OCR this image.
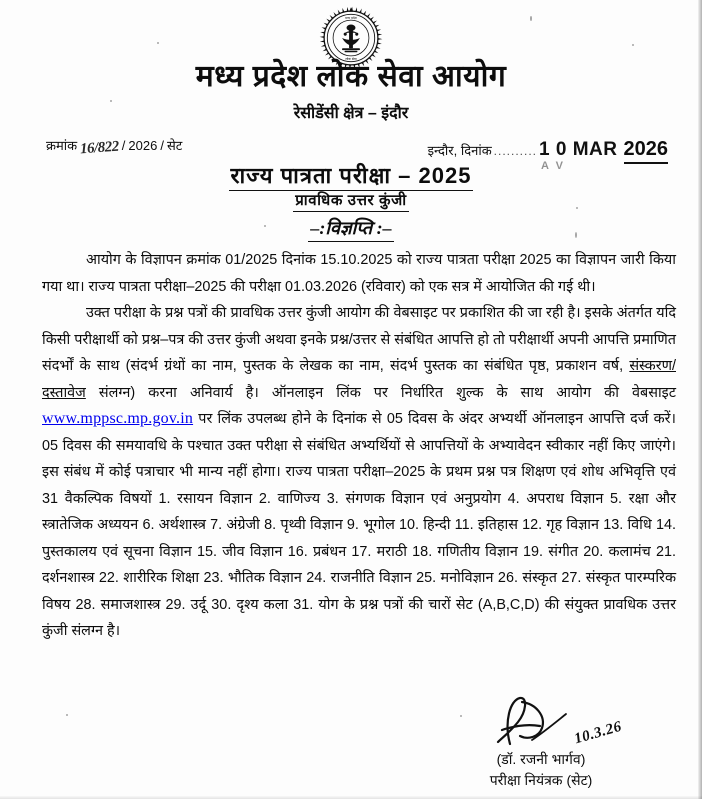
मध्य प्रदेश
लोक सेवा
मध्य प्रदेश लोक सेवा आयोग
रेसीडेंसी क्षेत्र – इंदौर
क्रमांक 16/822 / 2026 / सेट	इन्दौर, दिनांक .......... 1 0 MAR
A V
2026
राज्य पात्रता परीक्षा – 2025
प्रावधिक उत्तर कुंजी
–:विज्ञप्ति :–

आयोग के विज्ञापन क्रमांक 01/2025 दिनांक 15.10.2025 को राज्य पात्रता परीक्षा 2025 का विज्ञापन जारी किया गया था। राज्य पात्रता परीक्षा–2025 की परीक्षा 01.03.2026 (रविवार) को एक सत्र में आयोजित की गई थी।

उक्त परीक्षा के प्रश्न पत्रों की प्रावधिक उत्तर कुंजी आयोग की वेबसाइट पर प्रकाशित की जा रही है। इसके अंतर्गत यदि किसी परीक्षार्थी को प्रश्न–पत्र की उत्तर कुंजी अथवा इनके प्रश्न/उत्तर से संबंधित आपत्ति हो तो परीक्षार्थी अपनी आपत्ति प्रमाणित संदर्भों के साथ (संदर्भ ग्रंथों का नाम, पुस्तक के लेखक का नाम, संदर्भ पुस्तक का संबंधित पृष्ठ, प्रकाशन वर्ष, संस्करण/दस्तावेज संलग्न) करना अनिवार्य है। ऑनलाइन लिंक पर निर्धारित शुल्क के साथ आयोग की वेबसाइट www.mppsc.mp.gov.in पर लिंक उपलब्ध होने के दिनांक से 05 दिवस के अंदर अभ्यर्थी ऑनलाइन आपत्ति दर्ज करें। 05 दिवस की समयावधि के पश्चात उक्त परीक्षा से संबंधित अभ्यर्थियों से आपत्तियों के अभ्यावेदन स्वीकार नहीं किए जाएंगे। इस संबंध में कोई पत्राचार भी मान्य नहीं होगा। राज्य पात्रता परीक्षा–2025 के प्रथम प्रश्न पत्र शिक्षण एवं शोध अभिवृत्ति एवं 31 वैकल्पिक विषयों 1. रसायन विज्ञान 2. वाणिज्य 3. संगणक विज्ञान एवं अनुप्रयोग 4. अपराध विज्ञान 5. रक्षा और स्त्रातेजिक अध्ययन 6. अर्थशास्त्र 7. अंग्रेजी 8. पृथ्वी विज्ञान 9. भूगोल 10. हिन्दी 11. इतिहास 12. गृह विज्ञान 13. विधि 14. पुस्तकालय एवं सूचना विज्ञान 15. जीव विज्ञान 16. प्रबंधन 17. मराठी 18. गणितीय विज्ञान 19. संगीत 20. कलामंच 21. दर्शनशास्त्र 22. शारीरिक शिक्षा 23. भौतिक विज्ञान 24. राजनीति विज्ञान 25. मनोविज्ञान 26. संस्कृत 27. संस्कृत पारम्परिक विषय 28. समाजशास्त्र 29. उर्दू 30. दृश्य कला 31. योग के प्रश्न पत्रों की चारों सेट (A,B,C,D) की संयुक्त प्रावधिक उत्तर कुंजी संलग्न है।

10.3.26
(डॉ. रजनी भार्गव)
परीक्षा नियंत्रक (सेट)
